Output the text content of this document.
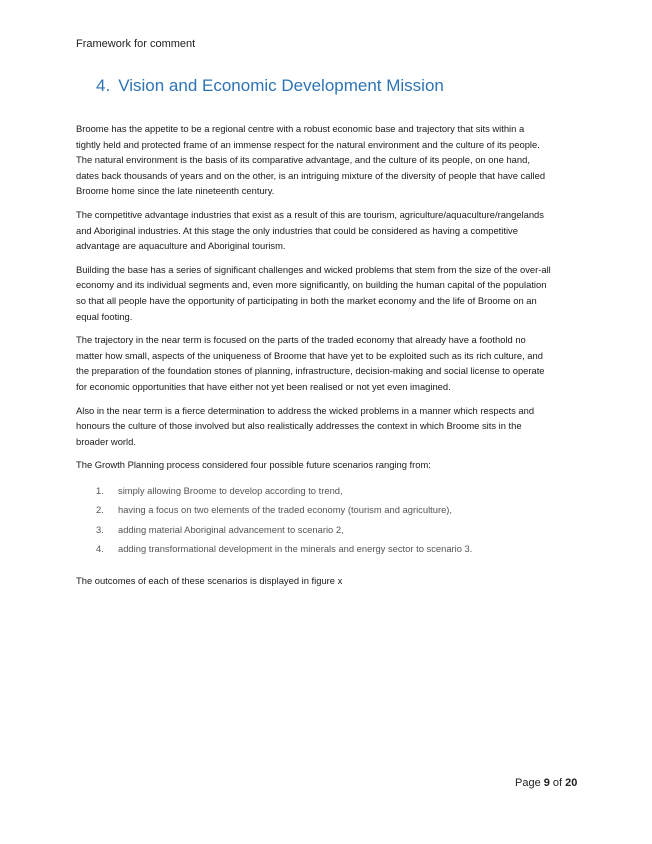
Framework for comment
4. Vision and Economic Development Mission

Broome has the appetite to be a regional centre with a robust economic base and trajectory that sits within a
tightly held and protected frame of an immense respect for the natural environment and the culture of its people.
The natural environment is the basis of its comparative advantage, and the culture of its people, on one hand,
dates back thousands of years and on the other, is an intriguing mixture of the diversity of people that have called
Broome home since the late nineteenth century.

The competitive advantage industries that exist as a result of this are tourism, agriculture/aquaculture/rangelands
and Aboriginal industries. At this stage the only industries that could be considered as having a competitive
advantage are aquaculture and Aboriginal tourism.

Building the base has a series of significant challenges and wicked problems that stem from the size of the over-all
economy and its individual segments and, even more significantly, on building the human capital of the population
so that all people have the opportunity of participating in both the market economy and the life of Broome on an
equal footing.

The trajectory in the near term is focused on the parts of the traded economy that already have a foothold no
matter how small, aspects of the uniqueness of Broome that have yet to be exploited such as its rich culture, and
the preparation of the foundation stones of planning, infrastructure, decision-making and social license to operate
for economic opportunities that have either not yet been realised or not yet even imagined.

Also in the near term is a fierce determination to address the wicked problems in a manner which respects and
honours the culture of those involved but also realistically addresses the context in which Broome sits in the
broader world.

The Growth Planning process considered four possible future scenarios ranging from:

1.	simply allowing Broome to develop according to trend,
2.	having a focus on two elements of the traded economy (tourism and agriculture),
3.	adding material Aboriginal advancement to scenario 2,
4.	adding transformational development in the minerals and energy sector to scenario 3.

The outcomes of each of these scenarios is displayed in figure x

Page 9 of 20
